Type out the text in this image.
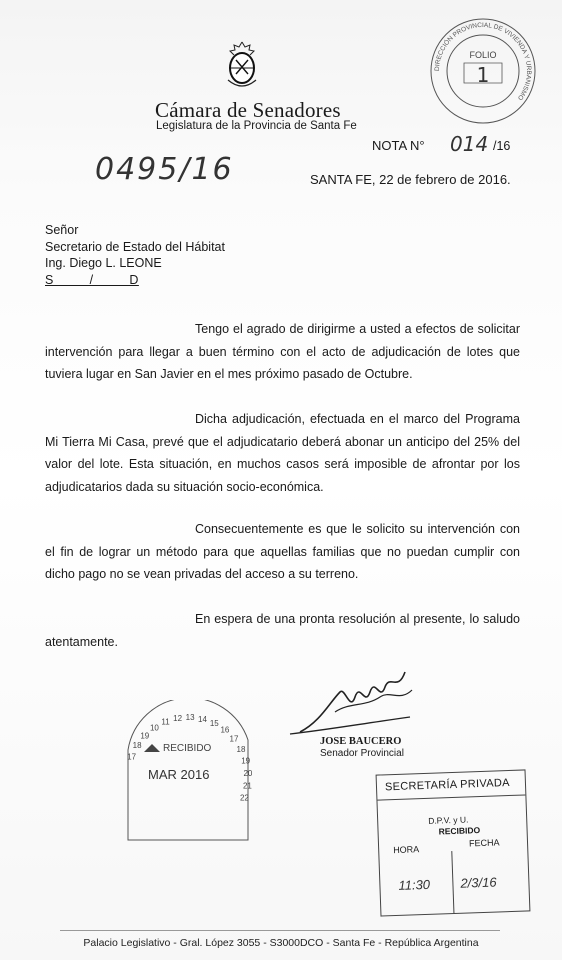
Cámara de Senadores
Legislatura de la Provincia de Santa Fe
DIRECCIÓN PROVINCIAL DE VIVIENDA Y URBANISMO
FOLIO
1
NOTA N° 014 /16
0495/16	SANTA FE, 22 de febrero de 2016.
Señor
Secretario de Estado del Hábitat
Ing. Diego L. LEONE
S         /         D
Tengo el agrado de dirigirme a usted a efectos de solicitar intervención para llegar a buen término con el acto de adjudicación de lotes que tuviera lugar en San Javier en el mes próximo pasado de Octubre.
Dicha adjudicación, efectuada en el marco del Programa Mi Tierra Mi Casa, prevé que el adjudicatario deberá abonar un anticipo del 25% del valor del lote. Esta situación, en muchos casos será imposible de afrontar por los adjudicatarios dada su situación socio-económica.
Consecuentemente es que le solicito su intervención con el fin de lograr un método para que aquellas familias que no puedan cumplir con dicho pago no se vean privadas del acceso a su terreno.
En espera de una pronta resolución al presente, lo saludo atentamente.
JOSE BAUCERO
Senador Provincial
17
18
19
10
11 12 13 14 15
16
17
18
19
20
21
22
RECIBIDO
MAR 2016
SECRETARÍA PRIVADA
D.P.V. y U.
RECIBIDO
HORA
FECHA
11:30 2/3/16
Palacio Legislativo - Gral. López 3055 - S3000DCO - Santa Fe - República Argentina
